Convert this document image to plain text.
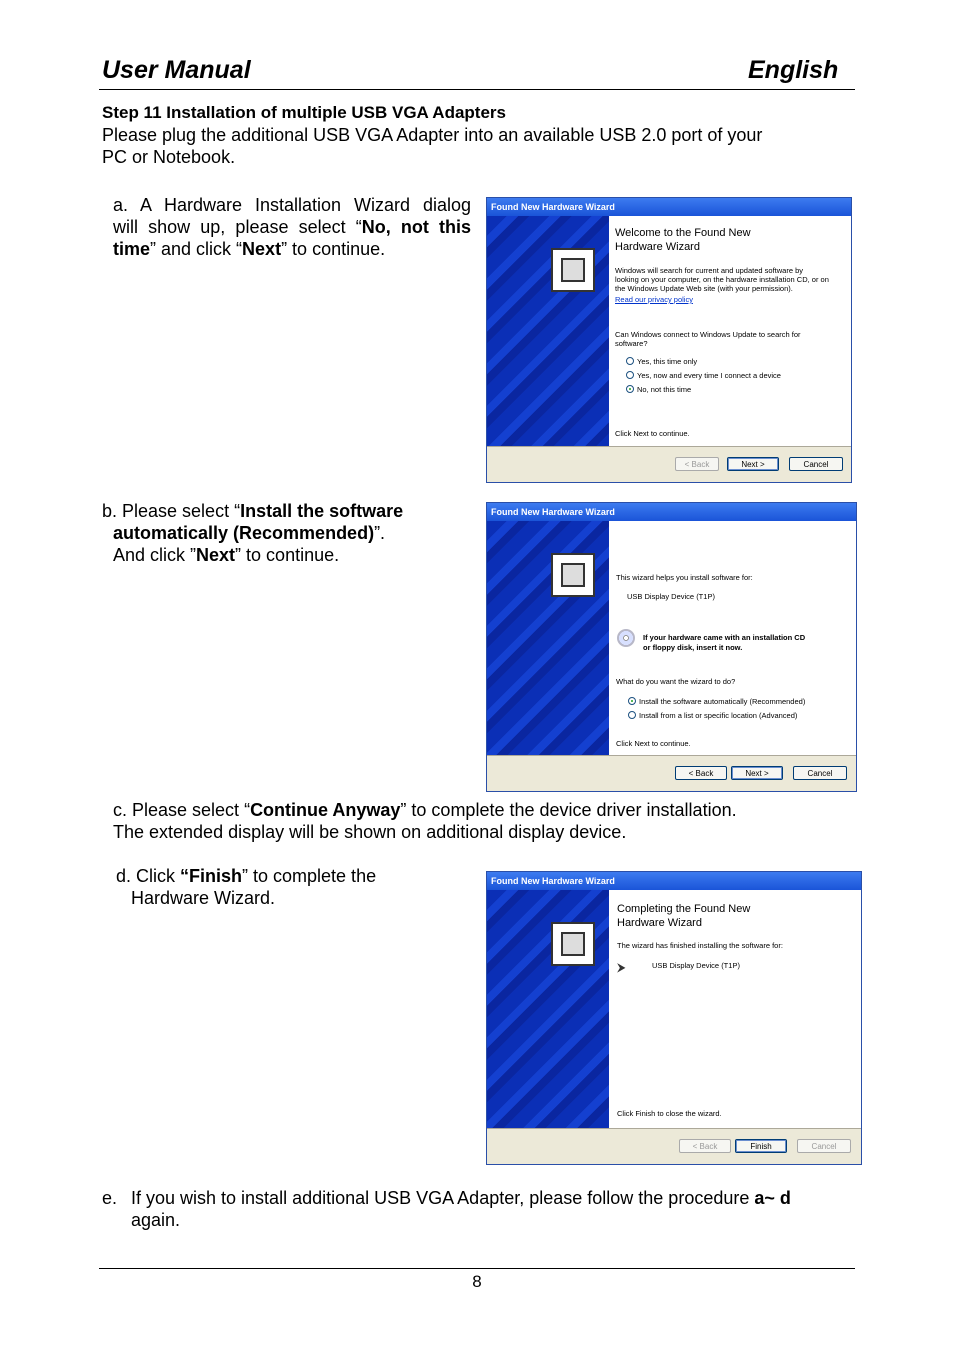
User Manual	English
Step 11 Installation of multiple USB VGA Adapters
Please plug the additional USB VGA Adapter into an available USB 2.0 port of your
PC or Notebook.
a. A Hardware Installation Wizard dialog
will show up, please select “No, not this
time” and click “Next” to continue.
Found New Hardware Wizard
Welcome to the Found New
Hardware Wizard
Windows will search for current and updated software by
looking on your computer, on the hardware installation CD, or on
the Windows Update Web site (with your permission).
Read our privacy policy
Can Windows connect to Windows Update to search for
software?
Yes, this time only
Yes, now and every time I connect a device
No, not this time
Click Next to continue.
< Back	Next >	Cancel
b. Please select “Install the software
automatically (Recommended)”.
And click ”Next” to continue.
Found New Hardware Wizard
This wizard helps you install software for:
USB Display Device (T1P)
If your hardware came with an installation CD
or floppy disk, insert it now.
What do you want the wizard to do?
Install the software automatically (Recommended)
Install from a list or specific location (Advanced)
Click Next to continue.
< Back	Next >	Cancel
c. Please select “Continue Anyway” to complete the device driver installation.
The extended display will be shown on additional display device.
d. Click “Finish” to complete the
Hardware Wizard.
Found New Hardware Wizard
Completing the Found New
Hardware Wizard
The wizard has finished installing the software for:
⮞	USB Display Device (T1P)
Click Finish to close the wizard.
< Back	Finish	Cancel
e. If you wish to install additional USB VGA Adapter, please follow the procedure a~ d
again.
8
